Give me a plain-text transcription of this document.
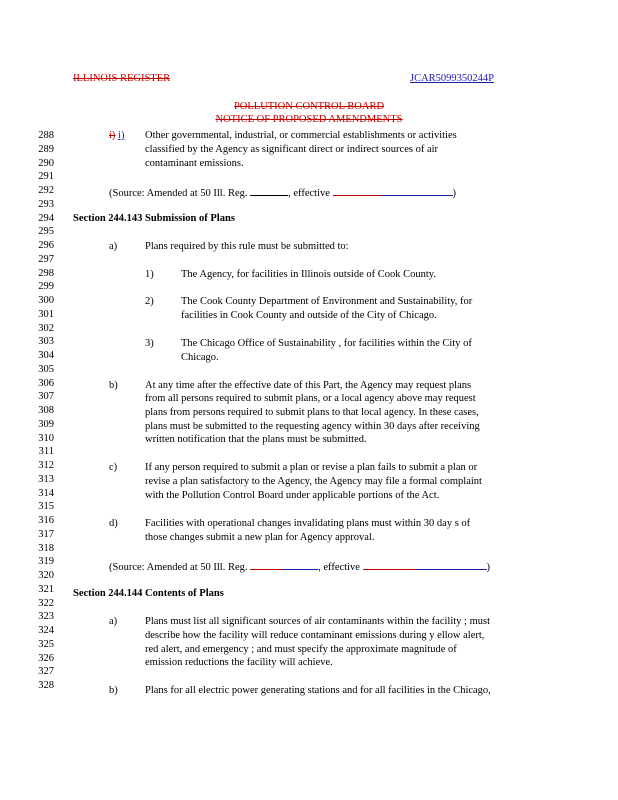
ILLINOIS REGISTER	JCAR5099350244P
POLLUTION CONTROL BOARD
NOTICE OF PROPOSED AMENDMENTS
288
289
290
291
292
293
294
295
296
297
298
299
300
301
302
303
304
305
306
307
308
309
310
311
312
313
314
315
316
317
318
319
320
321
322
323
324
325
326
327
328
i) i) Other governmental, industrial, or commercial establishments or activities
classified by the Agency as significant direct or indirect sources of air
contaminant emissions.
(Source: Amended at 50 Ill. Reg.	, effective	)
Section 244.143 Submission of Plans
a)	Plans required by this rule must be submitted to:
1)	The Agency, for facilities in Illinois outside of Cook County.
2)	The Cook County Department of Environment and Sustainability, for
facilities in Cook County and outside of the City of Chicago.
3)	The Chicago Office of Sustainability , for facilities within the City of
Chicago.
b)	At any time after the effective date of this Part, the Agency may request plans
from all persons required to submit plans, or a local agency above may request
plans from persons required to submit plans to that local agency. In these cases,
plans must be submitted to the requesting agency within 30 days after receiving
written notification that the plans must be submitted.
c)	If any person required to submit a plan or revise a plan fails to submit a plan or
revise a plan satisfactory to the Agency, the Agency may file a formal complaint
with the Pollution Control Board under applicable portions of the Act.
d)	Facilities with operational changes invalidating plans must within 30 day s of
those changes submit a new plan for Agency approval.
(Source: Amended at 50 Ill. Reg.	, effective	)
Section 244.144 Contents of Plans
a)	Plans must list all significant sources of air contaminants within the facility ; must
describe how the facility will reduce contaminant emissions during y ellow alert,
red alert, and emergency ; and must specify the approximate magnitude of
emission reductions the facility will achieve.
b)	Plans for all electric power generating stations and for all facilities in the Chicago,
